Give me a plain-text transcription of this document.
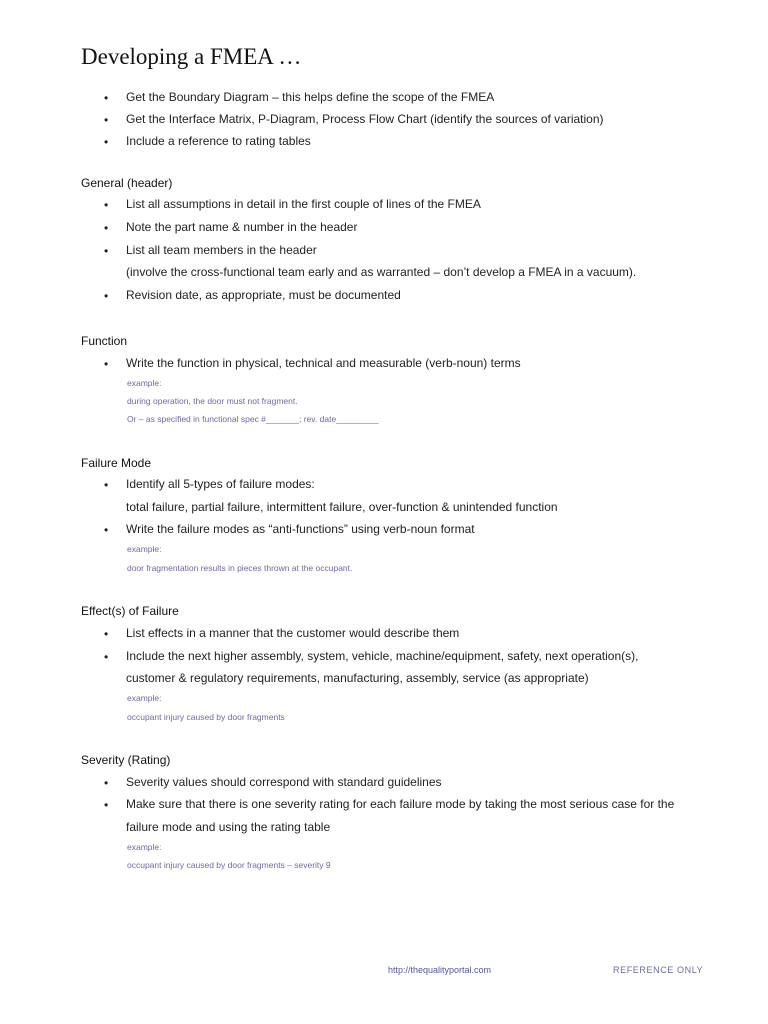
Developing a FMEA …
• Get the Boundary Diagram – this helps define the scope of the FMEA
• Get the Interface Matrix, P-Diagram, Process Flow Chart (identify the sources of variation)
• Include a reference to rating tables
General (header)
• List all assumptions in detail in the first couple of lines of the FMEA
• Note the part name & number in the header
• List all team members in the header
(involve the cross-functional team early and as warranted – don’t develop a FMEA in a vacuum).
• Revision date, as appropriate, must be documented
Function
• Write the function in physical, technical and measurable (verb-noun) terms
example:
during operation, the door must not fragment.
Or – as specified in functional spec #_______; rev. date_________
Failure Mode
• Identify all 5-types of failure modes:
total failure, partial failure, intermittent failure, over-function & unintended function
• Write the failure modes as “anti-functions” using verb-noun format
example:
door fragmentation results in pieces thrown at the occupant.
Effect(s) of Failure
• List effects in a manner that the customer would describe them
• Include the next higher assembly, system, vehicle, machine/equipment, safety, next operation(s),
customer & regulatory requirements, manufacturing, assembly, service (as appropriate)
example:
occupant injury caused by door fragments
Severity (Rating)
• Severity values should correspond with standard guidelines
• Make sure that there is one severity rating for each failure mode by taking the most serious case for the
failure mode and using the rating table
example:
occupant injury caused by door fragments – severity 9
http://thequalityportal.com	REFERENCE ONLY
